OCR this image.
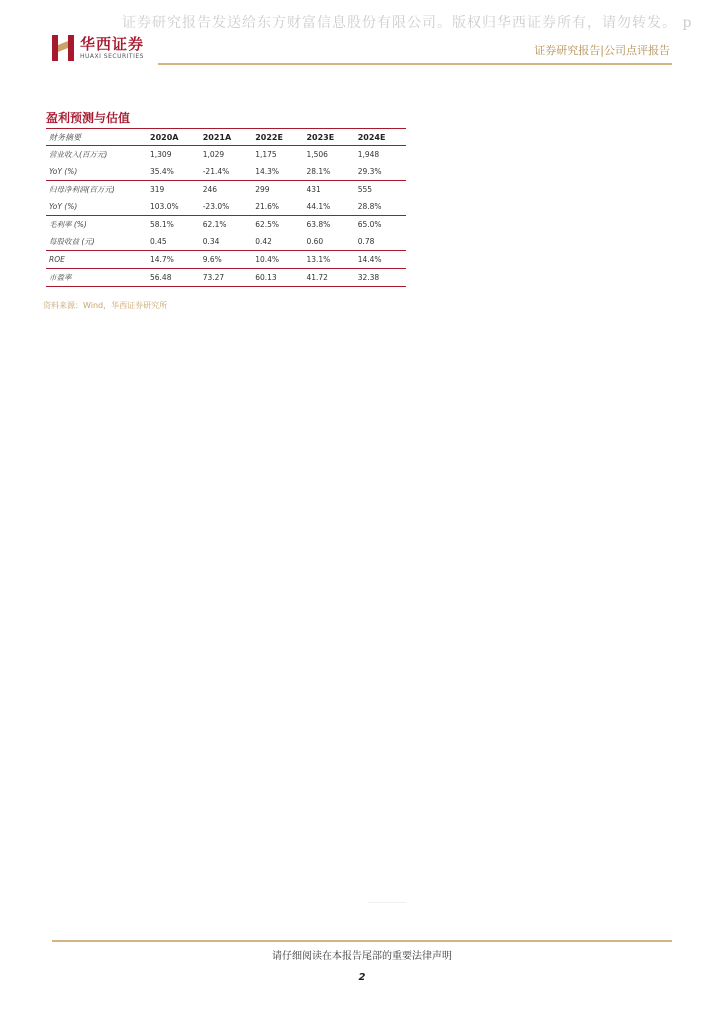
证券研究报告发送给东方财富信息股份有限公司。版权归华西证券所有，请勿转发。 p
华西证券
HUAXI SECURITIES	证券研究报告|公司点评报告
盈利预测与估值
财务摘要	2020A	2021A	2022E	2023E	2024E
营业收入(百万元)	1,309	1,029	1,175	1,506	1,948
YoY (%)	35.4%	-21.4%	14.3%	28.1%	29.3%
归母净利润(百万元)	319	246	299	431	555
YoY (%)	103.0%	-23.0%	21.6%	44.1%	28.8%
毛利率 (%)	58.1%	62.1%	62.5%	63.8%	65.0%
每股收益 (元)	0.45	0.34	0.42	0.60	0.78
ROE	14.7%	9.6%	10.4%	13.1%	14.4%
市盈率	56.48	73.27	60.13	41.72	32.38
资料来源：Wind，华西证券研究所
请仔细阅读在本报告尾部的重要法律声明
2
